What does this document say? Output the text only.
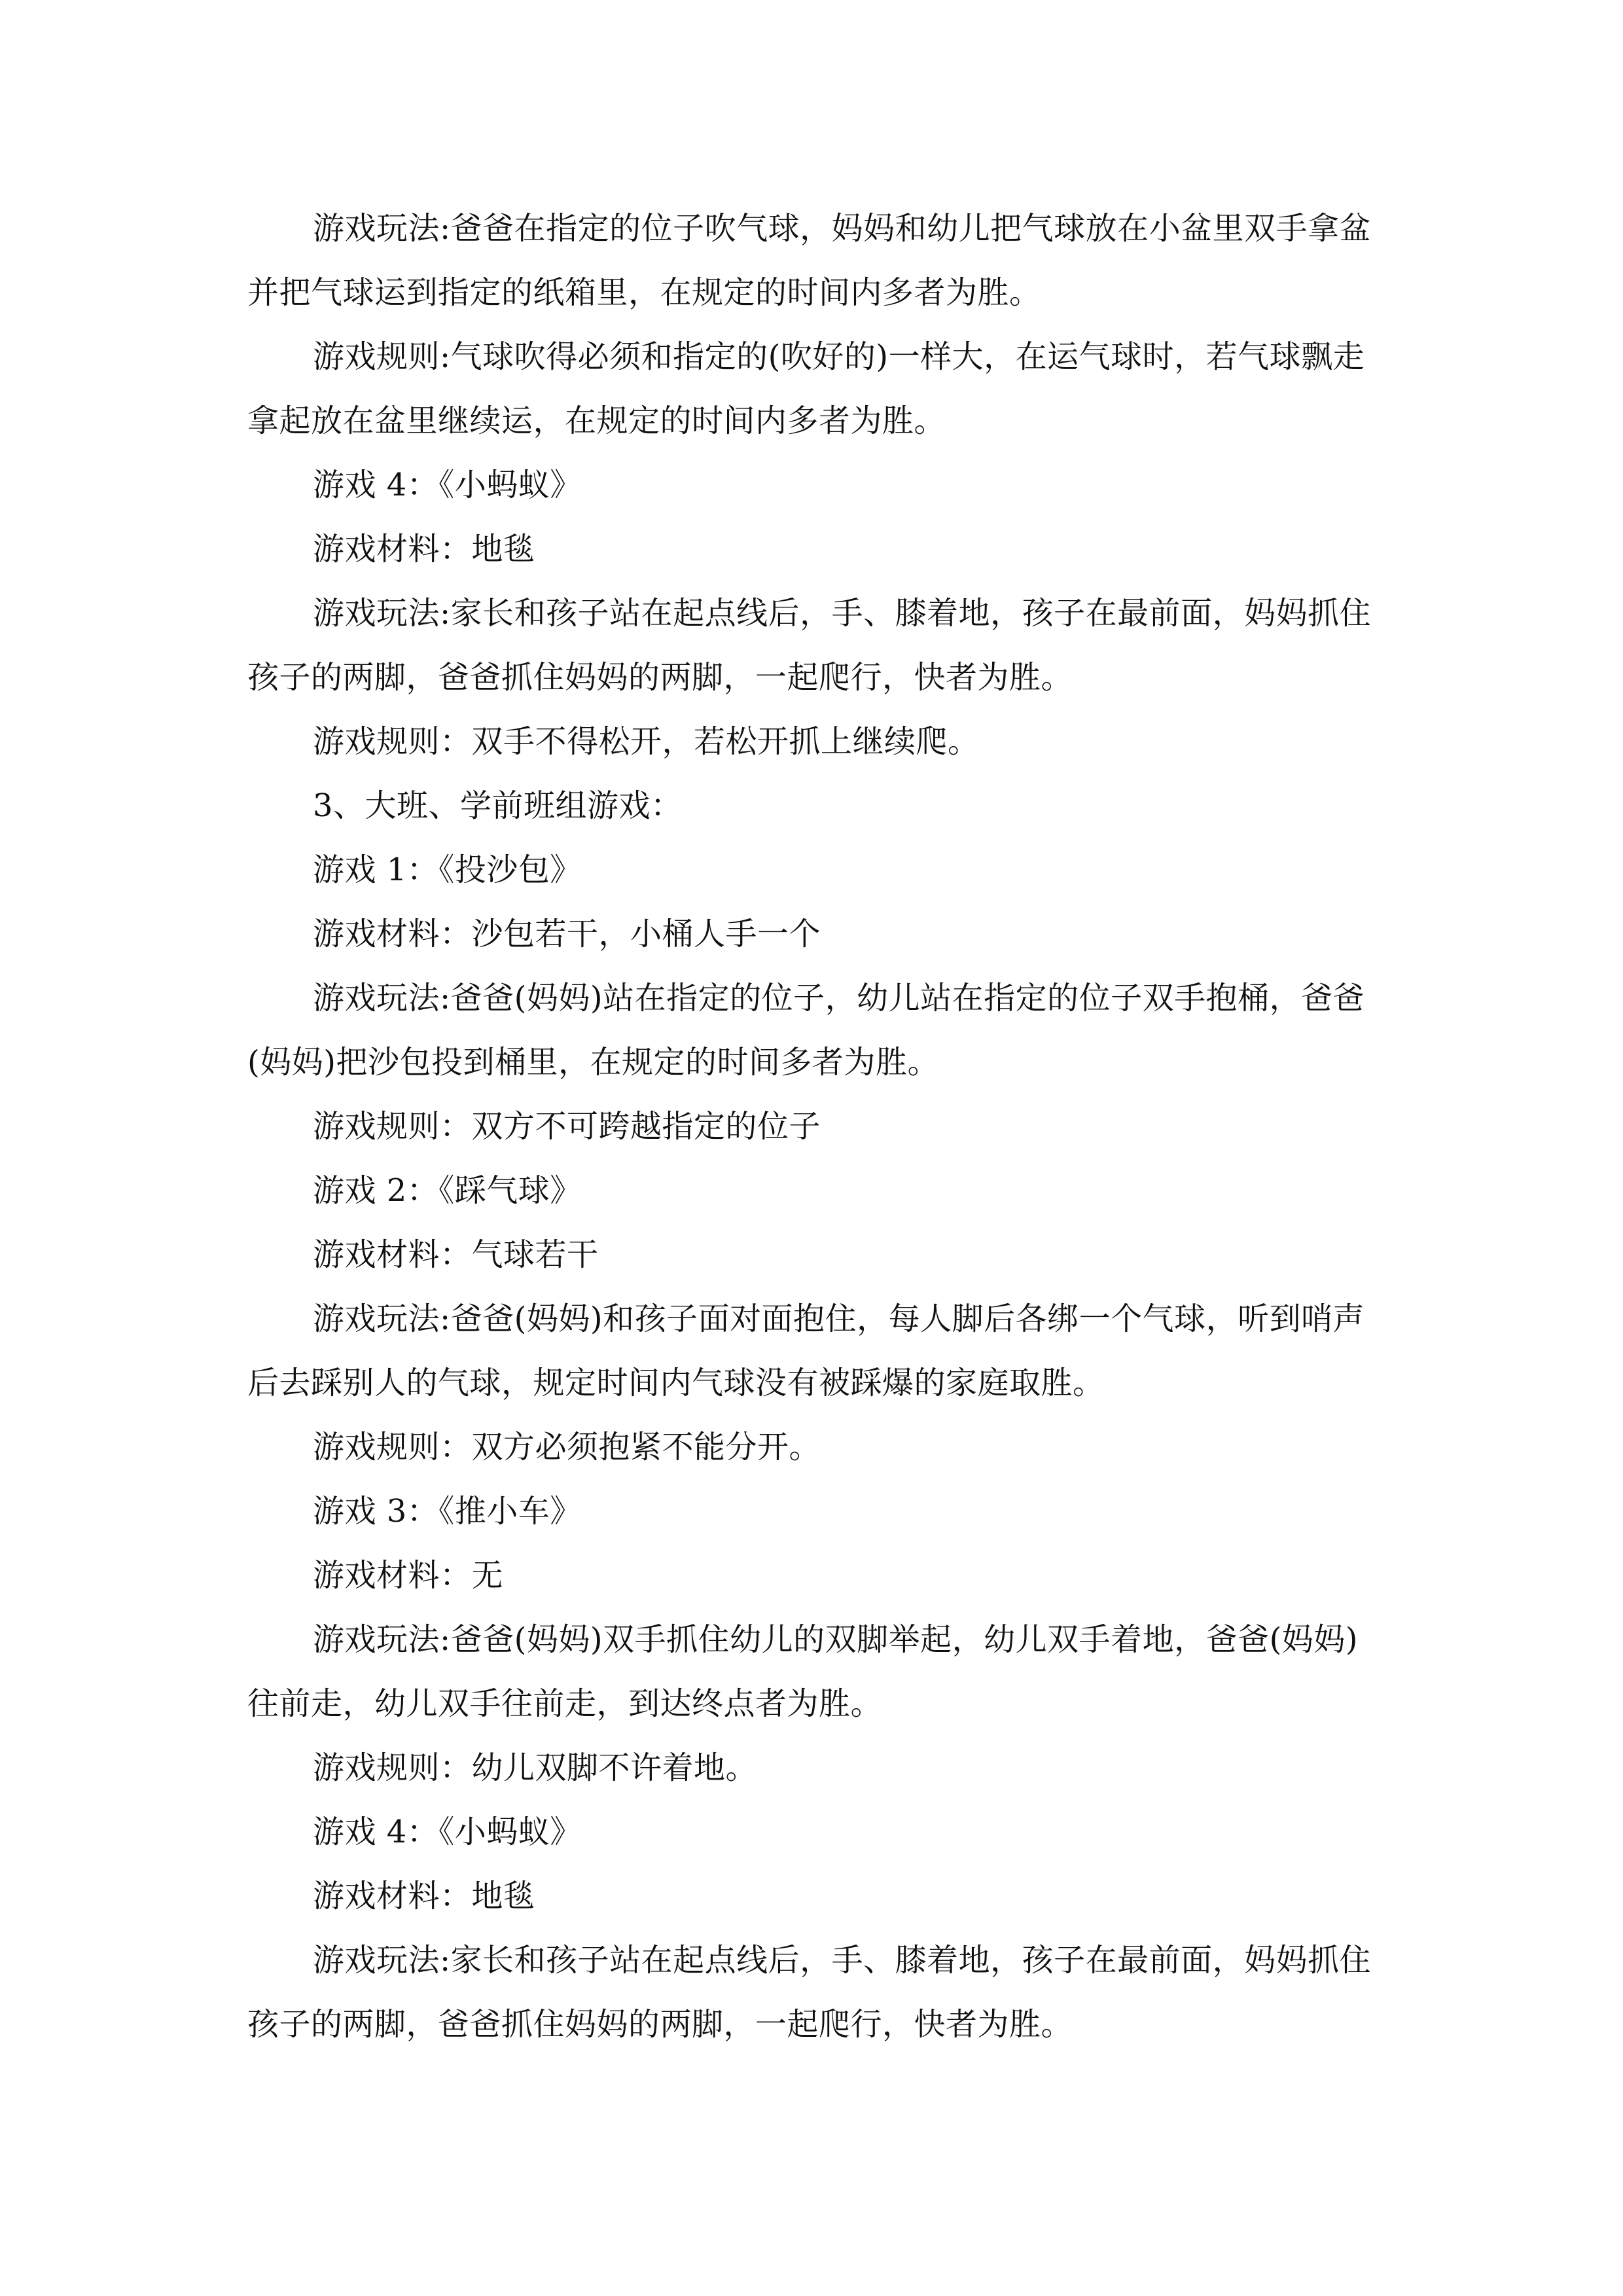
游戏玩法:爸爸在指定的位子吹气球，妈妈和幼儿把气球放在小盆里双手拿盆并把气球运到指定的纸箱里，在规定的时间内多者为胜。

游戏规则:气球吹得必须和指定的(吹好的)一样大，在运气球时，若气球飘走拿起放在盆里继续运，在规定的时间内多者为胜。

游戏 4：《小蚂蚁》

游戏材料：地毯

游戏玩法:家长和孩子站在起点线后，手、膝着地，孩子在最前面，妈妈抓住孩子的两脚，爸爸抓住妈妈的两脚，一起爬行，快者为胜。

游戏规则：双手不得松开，若松开抓上继续爬。

3、大班、学前班组游戏：

游戏 1：《投沙包》

游戏材料：沙包若干，小桶人手一个

游戏玩法:爸爸(妈妈)站在指定的位子，幼儿站在指定的位子双手抱桶，爸爸(妈妈)把沙包投到桶里，在规定的时间多者为胜。

游戏规则：双方不可跨越指定的位子

游戏 2：《踩气球》

游戏材料：气球若干

游戏玩法:爸爸(妈妈)和孩子面对面抱住，每人脚后各绑一个气球，听到哨声后去踩别人的气球，规定时间内气球没有被踩爆的家庭取胜。

游戏规则：双方必须抱紧不能分开。

游戏 3：《推小车》

游戏材料：无

游戏玩法:爸爸(妈妈)双手抓住幼儿的双脚举起，幼儿双手着地，爸爸(妈妈)往前走，幼儿双手往前走，到达终点者为胜。

游戏规则：幼儿双脚不许着地。

游戏 4：《小蚂蚁》

游戏材料：地毯

游戏玩法:家长和孩子站在起点线后，手、膝着地，孩子在最前面，妈妈抓住孩子的两脚，爸爸抓住妈妈的两脚，一起爬行，快者为胜。
